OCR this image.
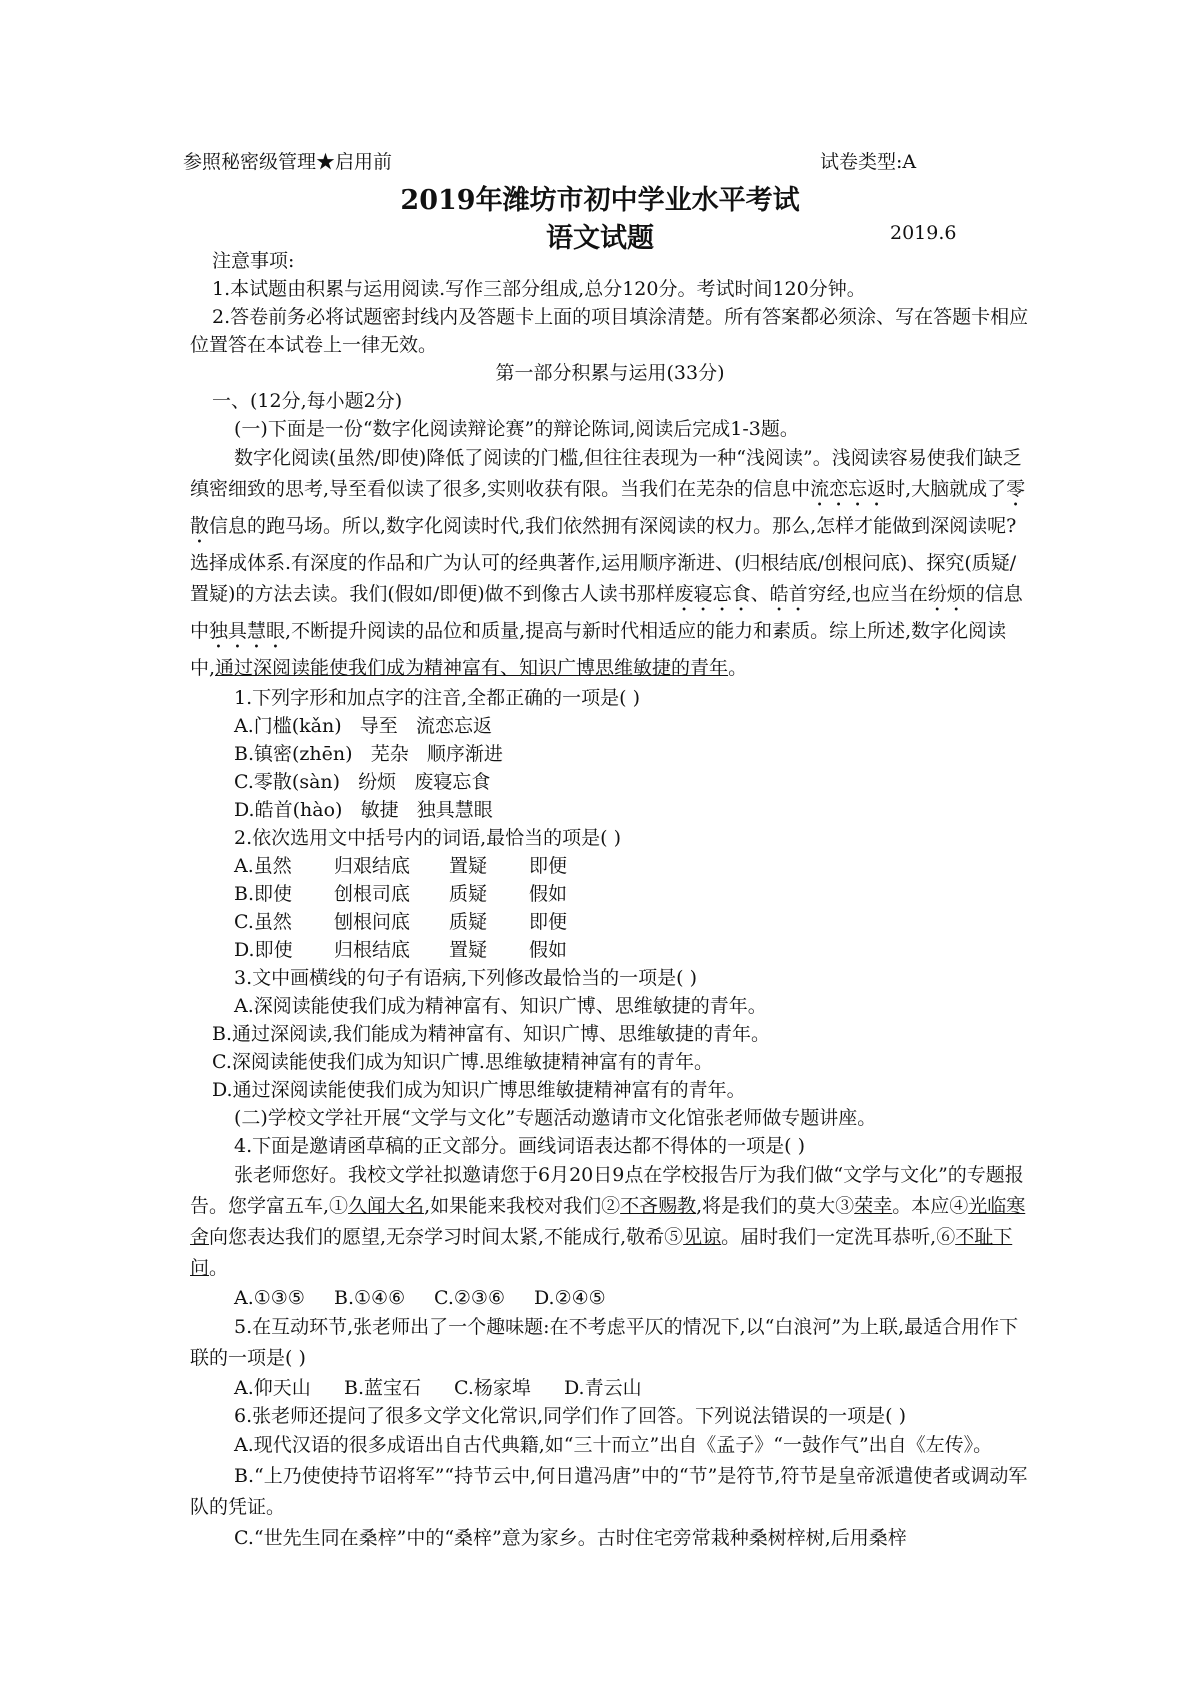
参照秘密级管理★启用前	试卷类型:A
2019年潍坊市初中学业水平考试
语文试题	2019.6

注意事项:

1.本试题由积累与运用阅读.写作三部分组成,总分120分。考试时间120分钟。

2.答卷前务必将试题密封线内及答题卡上面的项目填涂清楚。所有答案都必须涂、写在答题卡相应位置答在本试卷上一律无效。

第一部分积累与运用(33分)

一、(12分,每小题2分)

(一)下面是一份“数字化阅读辩论赛”的辩论陈词,阅读后完成1-3题。

数字化阅读(虽然/即使)降低了阅读的门槛,但往往表现为一种“浅阅读”。浅阅读容易使我们缺乏缜密细致的思考,导至看似读了很多,实则收获有限。当我们在芜杂的信息中流恋忘返时,大脑就成了零散信息的跑马场。所以,数字化阅读时代,我们依然拥有深阅读的权力。那么,怎样才能做到深阅读呢?选择成体系.有深度的作品和广为认可的经典著作,运用顺序渐进、(归根结底/创根问底)、探究(质疑/置疑)的方法去读。我们(假如/即便)做不到像古人读书那样废寝忘食、皓首穷经,也应当在纷烦的信息中独具慧眼,不断提升阅读的品位和质量,提高与新时代相适应的能力和素质。综上所述,数字化阅读中,通过深阅读能使我们成为精神富有、知识广博思维敏捷的青年。

1.下列字形和加点字的注音,全都正确的一项是( )

A.门槛(kǎn) 导至 流恋忘返

B.镇密(zhēn) 芜杂 顺序渐进

C.零散(sàn) 纷烦 废寝忘食

D.皓首(hào) 敏捷 独具慧眼

2.依次选用文中括号内的词语,最恰当的项是( )

A.虽然 归艰结底 置疑 即便

B.即使 创根司底 质疑 假如

C.虽然 刨根问底 质疑 即便

D.即使 归根结底 置疑 假如

3.文中画横线的句子有语病,下列修改最恰当的一项是( )

A.深阅读能使我们成为精神富有、知识广博、思维敏捷的青年。

B.通过深阅读,我们能成为精神富有、知识广博、思维敏捷的青年。

C.深阅读能使我们成为知识广博.思维敏捷精神富有的青年。

D.通过深阅读能使我们成为知识广博思维敏捷精神富有的青年。

(二)学校文学社开展“文学与文化”专题活动邀请市文化馆张老师做专题讲座。

4.下面是邀请函草稿的正文部分。画线词语表达都不得体的一项是( )

张老师您好。我校文学社拟邀请您于6月20日9点在学校报告厅为我们做“文学与文化”的专题报告。您学富五车,①久闻大名,如果能来我校对我们②不吝赐教,将是我们的莫大③荣幸。本应④光临寒舍向您表达我们的愿望,无奈学习时间太紧,不能成行,敬希⑤见谅。届时我们一定洗耳恭听,⑥不耻下问。

A.①③⑤ B.①④⑥ C.②③⑥ D.②④⑤

5.在互动环节,张老师出了一个趣味题:在不考虑平仄的情况下,以“白浪河”为上联,最适合用作下联的一项是( )

A.仰天山 B.蓝宝石 C.杨家埠 D.青云山

6.张老师还提问了很多文学文化常识,同学们作了回答。下列说法错误的一项是( )

A.现代汉语的很多成语出自古代典籍,如“三十而立”出自《孟子》“一鼓作气”出自《左传》。

B.“上乃使使持节诏将军”“持节云中,何日遣冯唐”中的“节”是符节,符节是皇帝派遣使者或调动军队的凭证。

C.“世先生同在桑梓”中的“桑梓”意为家乡。古时住宅旁常栽种桑树梓树,后用桑梓
